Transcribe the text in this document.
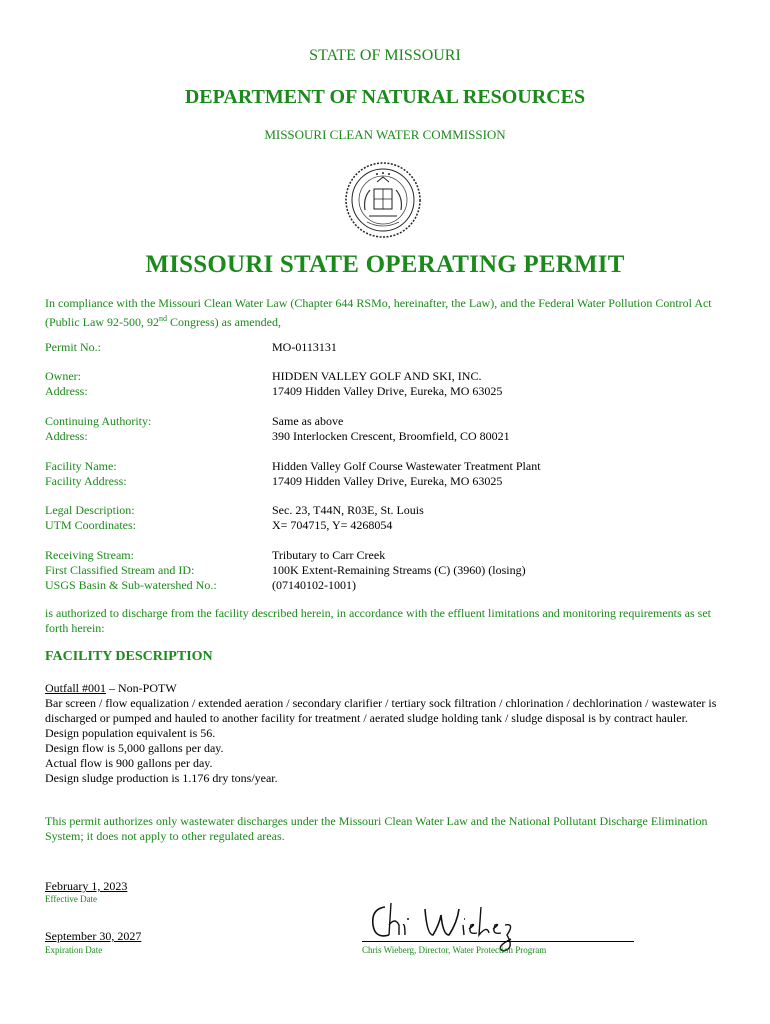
STATE OF MISSOURI
DEPARTMENT OF NATURAL RESOURCES
MISSOURI CLEAN WATER COMMISSION
MISSOURI STATE OPERATING PERMIT
In compliance with the Missouri Clean Water Law (Chapter 644 RSMo, hereinafter, the Law), and the Federal Water Pollution Control Act (Public Law 92-500, 92nd Congress) as amended,
Permit No.:	MO-0113131
Owner:	HIDDEN VALLEY GOLF AND SKI, INC.
Address:	17409 Hidden Valley Drive, Eureka, MO 63025
Continuing Authority:	Same as above
Address:	390 Interlocken Crescent, Broomfield, CO 80021
Facility Name:	Hidden Valley Golf Course Wastewater Treatment Plant
Facility Address:	17409 Hidden Valley Drive, Eureka, MO 63025
Legal Description:	Sec. 23, T44N, R03E, St. Louis
UTM Coordinates:	X= 704715, Y= 4268054
Receiving Stream:	Tributary to Carr Creek
First Classified Stream and ID:	100K Extent-Remaining Streams (C) (3960) (losing)
USGS Basin & Sub-watershed No.:	(07140102-1001)
is authorized to discharge from the facility described herein, in accordance with the effluent limitations and monitoring requirements as set forth herein:
FACILITY DESCRIPTION

Outfall #001 – Non-POTW

Bar screen / flow equalization / extended aeration / secondary clarifier / tertiary sock filtration / chlorination / dechlorination / wastewater is discharged or pumped and hauled to another facility for treatment / aerated sludge holding tank / sludge disposal is by contract hauler.

Design population equivalent is 56.

Design flow is 5,000 gallons per day.

Actual flow is 900 gallons per day.

Design sludge production is 1.176 dry tons/year.

This permit authorizes only wastewater discharges under the Missouri Clean Water Law and the National Pollutant Discharge Elimination System; it does not apply to other regulated areas.
February 1, 2023
Effective Date
September 30, 2027
Expiration Date	Chris Wieberg, Director, Water Protection Program
